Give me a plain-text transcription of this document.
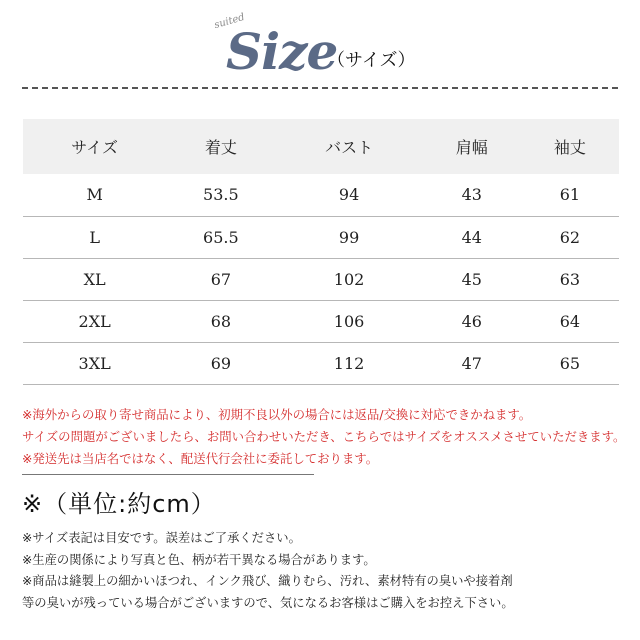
suited
Size
（サイズ）
サイズ	着丈	バスト	肩幅	袖丈
M	53.5	94	43	61
L	65.5	99	44	62
XL	67	102	45	63
2XL	68	106	46	64
3XL	69	112	47	65
※海外からの取り寄せ商品により、初期不良以外の場合には返品/交換に対応できかねます。
サイズの問題がございましたら、お問い合わせいただき、こちらではサイズをオススメさせていただきます。
※発送先は当店名ではなく、配送代行会社に委託しております。
※（単位:約cm）
※サイズ表記は目安です。誤差はご了承ください。
※生産の関係により写真と色、柄が若干異なる場合があります。
※商品は縫製上の細かいほつれ、インク飛び、織りむら、汚れ、素材特有の臭いや接着剤
等の臭いが残っている場合がございますので、気になるお客様はご購入をお控え下さい。
